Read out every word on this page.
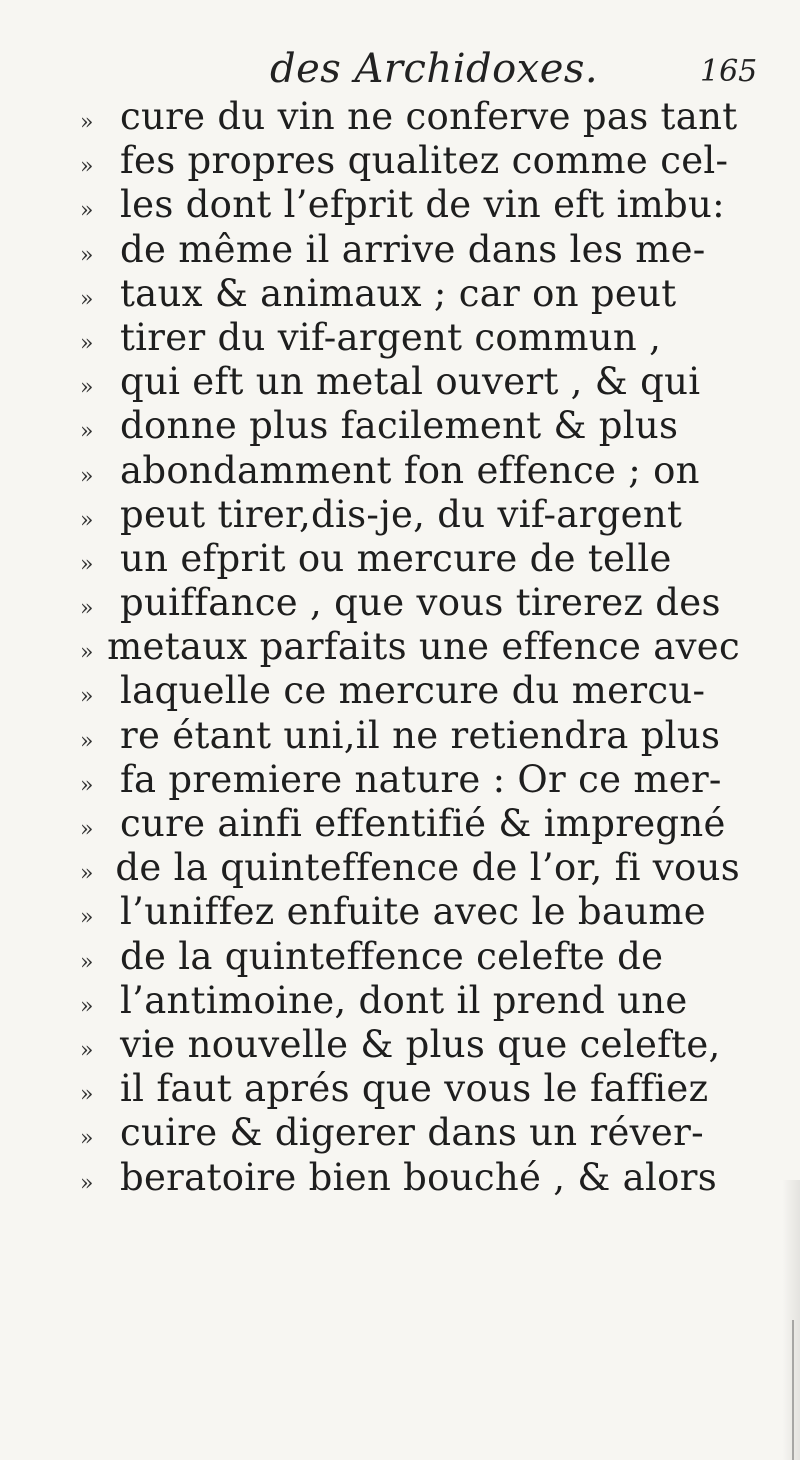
des Archidoxes.	165
» cure du vin ne conferve pas tant
» fes propres qualitez comme cel-
» les dont l’efprit de vin eft imbu:
» de même il arrive dans les me-
» taux & animaux ; car on peut
» tirer du vif-argent commun ,
» qui eft un metal ouvert , & qui
» donne plus facilement & plus
» abondamment fon effence ; on
» peut tirer,dis-je, du vif-argent
» un efprit ou mercure de telle
» puiffance , que vous tirerez des
» metaux parfaits une effence avec
» laquelle ce mercure du mercu-
» re étant uni,il ne retiendra plus
» fa premiere nature : Or ce mer-
» cure ainfi effentifié & impregné
» de la quinteffence de l’or, fi vous
» l’uniffez enfuite avec le baume
» de la quinteffence celefte de
» l’antimoine, dont il prend une
» vie nouvelle & plus que celefte,
» il faut aprés que vous le faffiez
» cuire & digerer dans un réver-
» beratoire bien bouché , & alors
